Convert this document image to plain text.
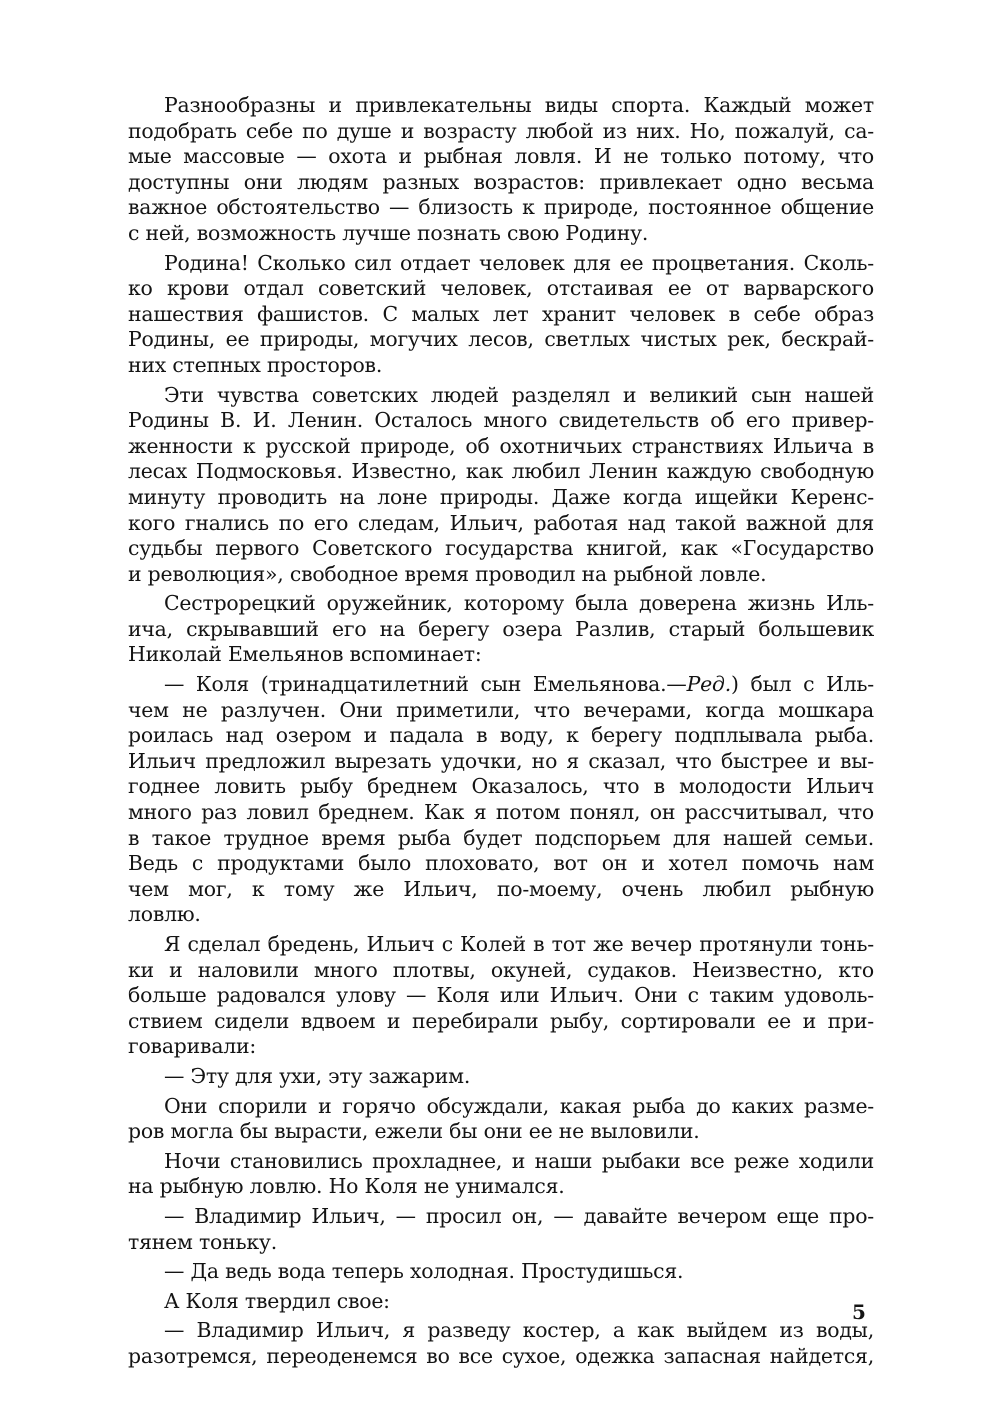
Разнообразны и привлекательны виды спорта. Каждый может
подобрать себе по душе и возрасту любой из них. Но, пожалуй, са-
мые массовые — охота и рыбная ловля. И не только потому, что
доступны они людям разных возрастов: привлекает одно весьма
важное обстоятельство — близость к природе, постоянное общение
с ней, возможность лучше познать свою Родину.
Родина! Сколько сил отдает человек для ее процветания. Сколь-
ко крови отдал советский человек, отстаивая ее от варварского
нашествия фашистов. С малых лет хранит человек в себе образ
Родины, ее природы, могучих лесов, светлых чистых рек, бескрай-
них степных просторов.
Эти чувства советских людей разделял и великий сын нашей
Родины В. И. Ленин. Осталось много свидетельств об его привер-
женности к русской природе, об охотничьих странствиях Ильича в
лесах Подмосковья. Известно, как любил Ленин каждую свободную
минуту проводить на лоне природы. Даже когда ищейки Керенс-
кого гнались по его следам, Ильич, работая над такой важной для
судьбы первого Советского государства книгой, как «Государство
и революция», свободное время проводил на рыбной ловле.
Сестрорецкий оружейник, которому была доверена жизнь Иль-
ича, скрывавший его на берегу озера Разлив, старый большевик
Николай Емельянов вспоминает:
— Коля (тринадцатилетний сын Емельянова.—Ред.) был с Иль-
чем не разлучен. Они приметили, что вечерами, когда мошкара
роилась над озером и падала в воду, к берегу подплывала рыба.
Ильич предложил вырезать удочки, но я сказал, что быстрее и вы-
годнее ловить рыбу бреднем Оказалось, что в молодости Ильич
много раз ловил бреднем. Как я потом понял, он рассчитывал, что
в такое трудное время рыба будет подспорьем для нашей семьи.
Ведь с продуктами было плоховато, вот он и хотел помочь нам
чем мог, к тому же Ильич, по-моему, очень любил рыбную
ловлю.
Я сделал бредень, Ильич с Колей в тот же вечер протянули тонь-
ки и наловили много плотвы, окуней, судаков. Неизвестно, кто
больше радовался улову — Коля или Ильич. Они с таким удоволь-
ствием сидели вдвоем и перебирали рыбу, сортировали ее и при-
говаривали:
— Эту для ухи, эту зажарим.
Они спорили и горячо обсуждали, какая рыба до каких разме-
ров могла бы вырасти, ежели бы они ее не выловили.
Ночи становились прохладнее, и наши рыбаки все реже ходили
на рыбную ловлю. Но Коля не унимался.
— Владимир Ильич, — просил он, — давайте вечером еще про-
тянем тоньку.
— Да ведь вода теперь холодная. Простудишься.
А Коля твердил свое:
— Владимир Ильич, я разведу костер, а как выйдем из воды,
разотремся, переоденемся во все сухое, одежка запасная найдется,
5
